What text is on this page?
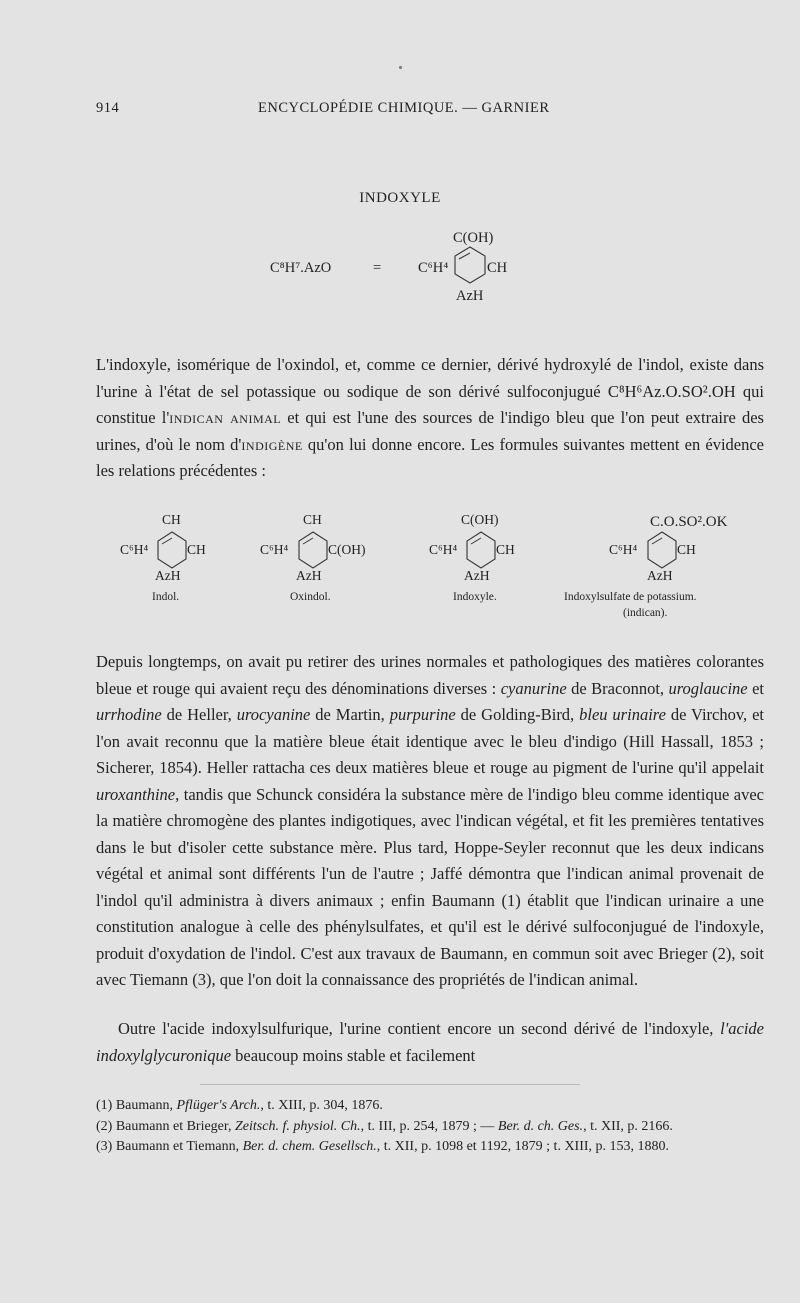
914	ENCYCLOPÉDIE CHIMIQUE. — GARNIER
INDOXYLE
C⁸H⁷.AzO	=
C(OH)
C⁶H⁴	CH
AzH
L'indoxyle, isomérique de l'oxindol, et, comme ce dernier, dérivé hydroxylé de l'indol, existe dans l'urine à l'état de sel potassique ou sodique de son dérivé sulfoconjugué C⁸H⁶Az.O.SO².OH qui constitue l'indican animal et qui est l'une des sources de l'indigo bleu que l'on peut extraire des urines, d'où le nom d'indigène qu'on lui donne encore. Les formules suivantes mettent en évidence les relations précédentes :
CH
C⁶H⁴	CH
AzH
Indol.
CH
C⁶H⁴	C(OH)
AzH
Oxindol.
C(OH)
C⁶H⁴	CH
AzH
Indoxyle.
C.O.SO².OK
C⁶H⁴	CH
AzH
Indoxylsulfate de potassium.
(indican).
Depuis longtemps, on avait pu retirer des urines normales et pathologiques des matières colorantes bleue et rouge qui avaient reçu des dénominations diverses : cyanurine de Braconnot, uroglaucine et urrhodine de Heller, urocyanine de Martin, purpurine de Golding-Bird, bleu urinaire de Virchov, et l'on avait reconnu que la matière bleue était identique avec le bleu d'indigo (Hill Hassall, 1853 ; Sicherer, 1854). Heller rattacha ces deux matières bleue et rouge au pigment de l'urine qu'il appelait uroxanthine, tandis que Schunck considéra la substance mère de l'indigo bleu comme identique avec la matière chromogène des plantes indigotiques, avec l'indican végétal, et fit les premières tentatives dans le but d'isoler cette substance mère. Plus tard, Hoppe-Seyler reconnut que les deux indicans végétal et animal sont différents l'un de l'autre ; Jaffé démontra que l'indican animal provenait de l'indol qu'il administra à divers animaux ; enfin Baumann (1) établit que l'indican urinaire a une constitution analogue à celle des phénylsulfates, et qu'il est le dérivé sulfoconjugué de l'indoxyle, produit d'oxydation de l'indol. C'est aux travaux de Baumann, en commun soit avec Brieger (2), soit avec Tiemann (3), que l'on doit la connaissance des propriétés de l'indican animal.
Outre l'acide indoxylsulfurique, l'urine contient encore un second dérivé de l'indoxyle, l'acide indoxylglycuronique beaucoup moins stable et facilement

(1) Baumann, Pflüger's Arch., t. XIII, p. 304, 1876.

(2) Baumann et Brieger, Zeitsch. f. physiol. Ch., t. III, p. 254, 1879 ; — Ber. d. ch. Ges., t. XII, p. 2166.

(3) Baumann et Tiemann, Ber. d. chem. Gesellsch., t. XII, p. 1098 et 1192, 1879 ; t. XIII, p. 153, 1880.
